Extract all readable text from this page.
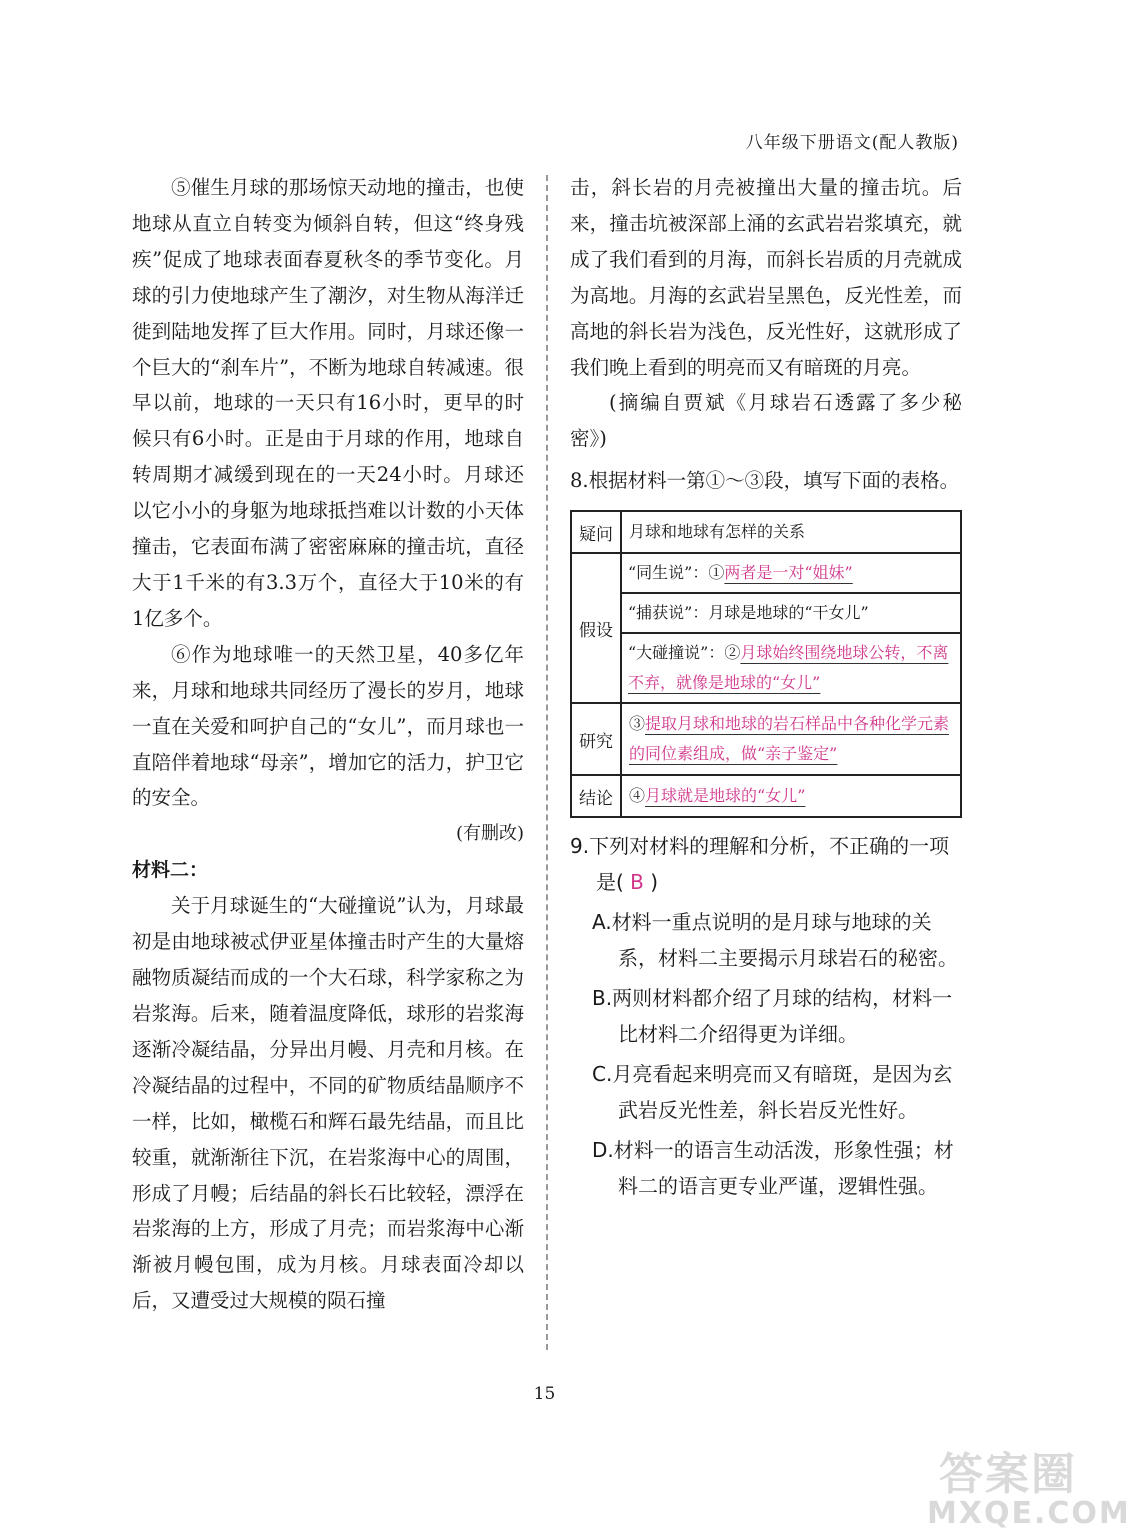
八年级下册语文(配人教版)

⑤催生月球的那场惊天动地的撞击，也使地球从直立自转变为倾斜自转，但这“终身残疾”促成了地球表面春夏秋冬的季节变化。月球的引力使地球产生了潮汐，对生物从海洋迁徙到陆地发挥了巨大作用。同时，月球还像一个巨大的“刹车片”，不断为地球自转减速。很早以前，地球的一天只有16小时，更早的时候只有6小时。正是由于月球的作用，地球自转周期才减缓到现在的一天24小时。月球还以它小小的身躯为地球抵挡难以计数的小天体撞击，它表面布满了密密麻麻的撞击坑，直径大于1千米的有3.3万个，直径大于10米的有1亿多个。

⑥作为地球唯一的天然卫星，40多亿年来，月球和地球共同经历了漫长的岁月，地球一直在关爱和呵护自己的“女儿”，而月球也一直陪伴着地球“母亲”，增加它的活力，护卫它的安全。

(有删改)

材料二：

关于月球诞生的“大碰撞说”认为，月球最初是由地球被忒伊亚星体撞击时产生的大量熔融物质凝结而成的一个大石球，科学家称之为岩浆海。后来，随着温度降低，球形的岩浆海逐渐冷凝结晶，分异出月幔、月壳和月核。在冷凝结晶的过程中，不同的矿物质结晶顺序不一样，比如，橄榄石和辉石最先结晶，而且比较重，就渐渐往下沉，在岩浆海中心的周围，形成了月幔；后结晶的斜长石比较轻，漂浮在岩浆海的上方，形成了月壳；而岩浆海中心渐渐被月幔包围，成为月核。月球表面冷却以后，又遭受过大规模的陨石撞

击，斜长岩的月壳被撞出大量的撞击坑。后来，撞击坑被深部上涌的玄武岩岩浆填充，就成了我们看到的月海，而斜长岩质的月壳就成为高地。月海的玄武岩呈黑色，反光性差，而高地的斜长岩为浅色，反光性好，这就形成了我们晚上看到的明亮而又有暗斑的月亮。

(摘编自贾斌《月球岩石透露了多少秘密》)

8.根据材料一第①～③段，填写下面的表格。

疑问	月球和地球有怎样的关系

假设	“同生说”：①两者是一对“姐妹”
“捕获说”：月球是地球的“干女儿”
“大碰撞说”：②月球始终围绕地球公转，不离不弃，就像是地球的“女儿”

研究	③提取月球和地球的岩石样品中各种化学元素的同位素组成，做“亲子鉴定”

结论	④月球就是地球的“女儿”

9.下列对材料的理解和分析，不正确的一项是( B )

A.材料一重点说明的是月球与地球的关系，材料二主要揭示月球岩石的秘密。

B.两则材料都介绍了月球的结构，材料一比材料二介绍得更为详细。

C.月亮看起来明亮而又有暗斑，是因为玄武岩反光性差，斜长岩反光性好。

D.材料一的语言生动活泼，形象性强；材料二的语言更专业严谨，逻辑性强。

15
答案圈
MXQE.COM
